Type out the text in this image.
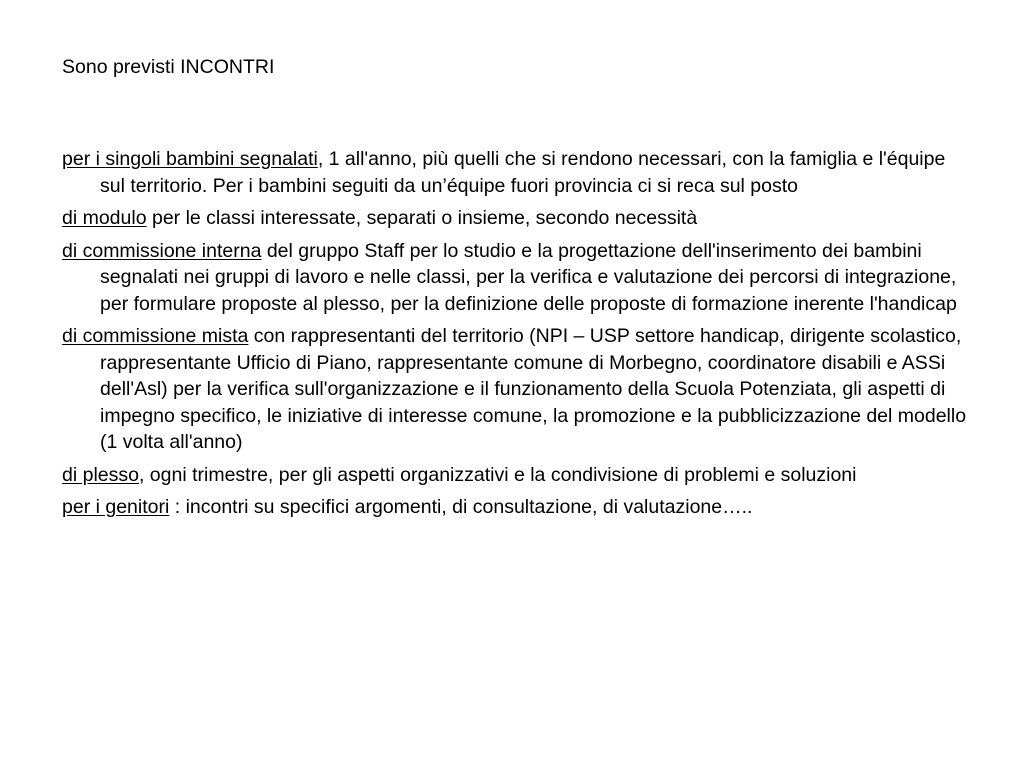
Sono previsti INCONTRI
per i singoli bambini segnalati, 1 all'anno, più quelli che si rendono necessari, con la famiglia e l'équipe sul territorio. Per i bambini seguiti da un’équipe fuori provincia ci si reca sul posto
di modulo per le classi interessate, separati o insieme, secondo necessità
di commissione interna del gruppo Staff per lo studio e la progettazione dell'inserimento dei bambini segnalati nei gruppi di lavoro e nelle classi, per la verifica e valutazione dei percorsi di integrazione, per formulare proposte al plesso, per la definizione delle proposte di formazione inerente l'handicap
di commissione mista con rappresentanti del territorio (NPI – USP settore handicap, dirigente scolastico, rappresentante Ufficio di Piano, rappresentante comune di Morbegno, coordinatore disabili e ASSi dell'Asl) per la verifica sull'organizzazione e il funzionamento della Scuola Potenziata, gli aspetti di impegno specifico, le iniziative di interesse comune, la promozione e la pubblicizzazione del modello (1 volta all'anno)
di plesso, ogni trimestre, per gli aspetti organizzativi e la condivisione di problemi e soluzioni
per i genitori : incontri su specifici argomenti, di consultazione, di valutazione…..
